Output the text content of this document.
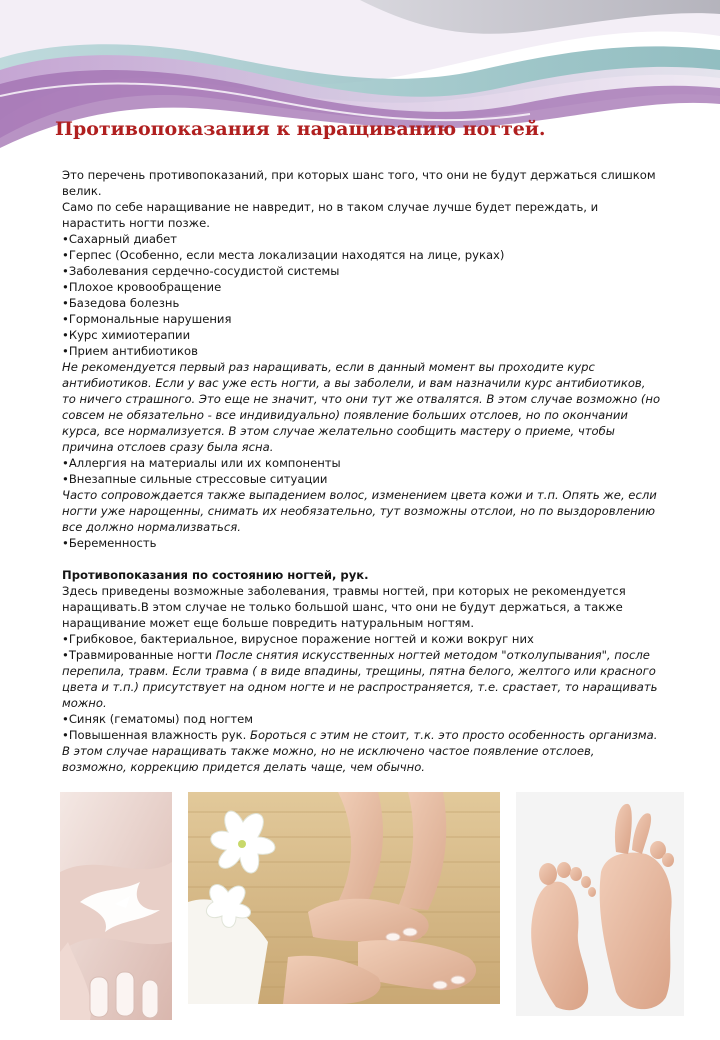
Противопоказания к наращиванию ногтей.

Это перечень противопоказаний, при которых шанс того, что они не будут держаться слишком велик.

Само по себе наращивание не навредит, но в таком случае лучше будет переждать, и нарастить ногти позже.

•Сахарный диабет

•Герпес (Особенно, если места локализации находятся на лице, руках)

•Заболевания сердечно-сосудистой системы

•Плохое кровообращение

•Базедова болезнь

•Гормональные нарушения

•Курс химиотерапии

•Прием антибиотиков

Не рекомендуется первый раз наращивать, если в данный момент вы проходите курс антибиотиков. Если у вас уже есть ногти, а вы заболели, и вам назначили курс антибиотиков, то ничего страшного. Это еще не значит, что они тут же отвалятся. В этом случае возможно (но совсем не обязательно - все индивидуально) появление больших отслоев, но по окончании курса, все нормализуется. В этом случае желательно сообщить мастеру о приеме, чтобы причина отслоев сразу была ясна.

•Аллергия на материалы или их компоненты

•Внезапные сильные стрессовые ситуации

Часто сопровождается также выпадением волос, изменением цвета кожи и т.п. Опять же, если ногти уже нарощенны, снимать их необязательно, тут возможны отслои, но по выздоровлению все должно нормализваться.

•Беременность

Противопоказания по состоянию ногтей, рук.

Здесь приведены возможные заболевания, травмы ногтей, при которых не рекомендуется наращивать.В этом случае не только большой шанс, что они не будут держаться, а также наращивание может еще больше повредить натуральным ногтям.

•Грибковое, бактериальное, вирусное поражение ногтей и кожи вокруг них

•Травмированные ногти После снятия искусственных ногтей методом "отколупывания", после перепила, травм. Если травма ( в виде впадины, трещины, пятна белого, желтого или красного цвета и т.п.) присутствует на одном ногте и не распространяется, т.е. срастает, то наращивать можно.

•Синяк (гематомы) под ногтем

•Повышенная влажность рук. Бороться с этим не стоит, т.к. это просто особенность организма. В этом случае наращивать также можно, но не исключено частое появление отслоев, возможно, коррекцию придется делать чаще, чем обычно.
